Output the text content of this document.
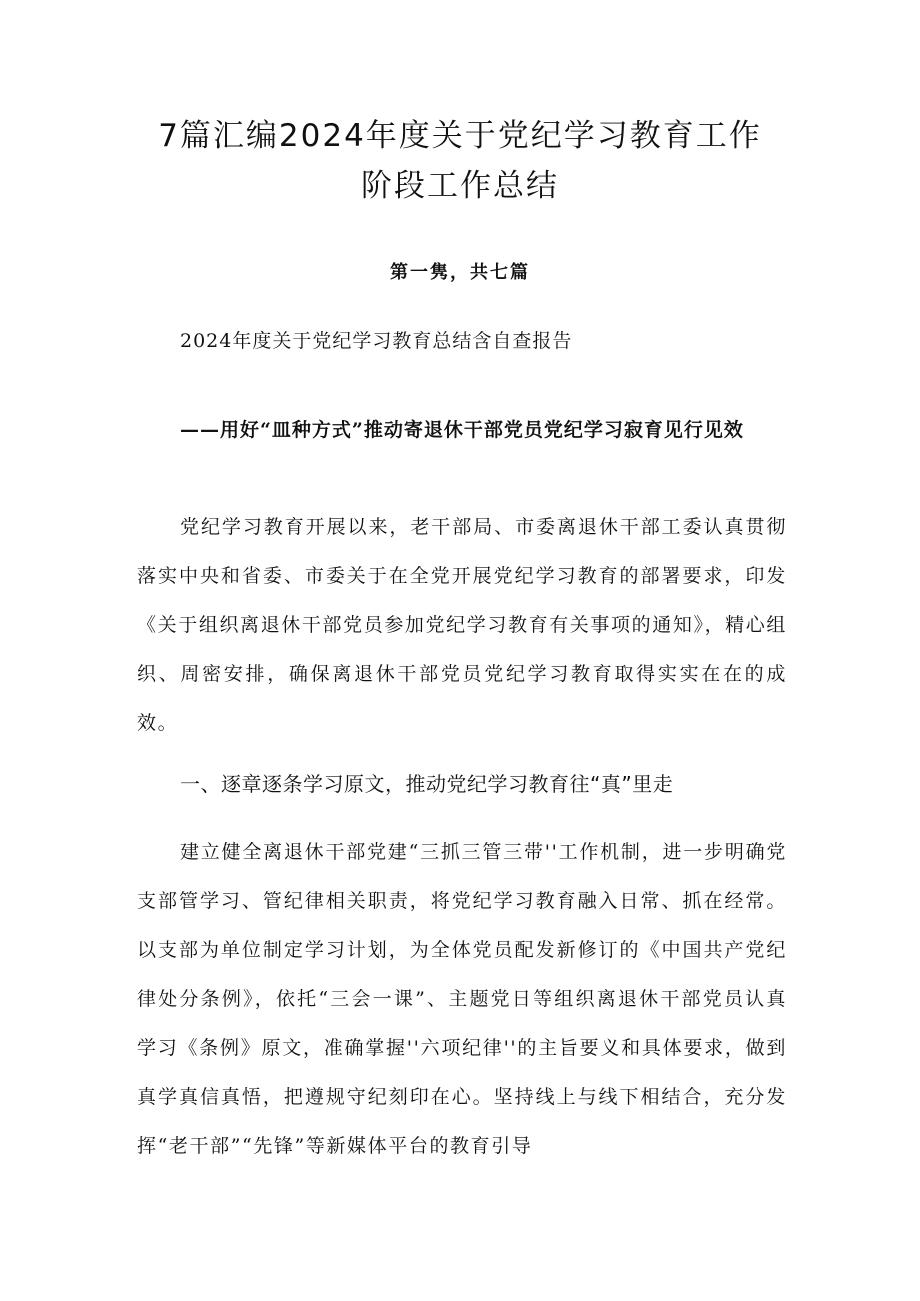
7篇汇编2024年度关于党纪学习教育工作
阶段工作总结
第一隽，共七篇
2024年度关于党纪学习教育总结含自查报告
——用好“皿种方式”推动寄退休干部党员党纪学习寂育见行见效
党纪学习教育开展以来，老干部局、市委离退休干部工委认真贯彻落实中央和省委、市委关于在全党开展党纪学习教育的部署要求，印发《关于组织离退休干部党员参加党纪学习教育有关事项的通知》，精心组织、周密安排，确保离退休干部党员党纪学习教育取得实实在在的成效。
一、逐章逐条学习原文，推动党纪学习教育往“真”里走
建立健全离退休干部党建“三抓三管三带''工作机制，进一步明确党支部管学习、管纪律相关职责，将党纪学习教育融入日常、抓在经常。以支部为单位制定学习计划，为全体党员配发新修订的《中国共产党纪律处分条例》，依托“三会一课”、主题党日等组织离退休干部党员认真学习《条例》原文，准确掌握''六项纪律''的主旨要义和具体要求，做到真学真信真悟，把遵规守纪刻印在心。坚持线上与线下相结合，充分发挥“老干部”“先锋”等新媒体平台的教育引导
